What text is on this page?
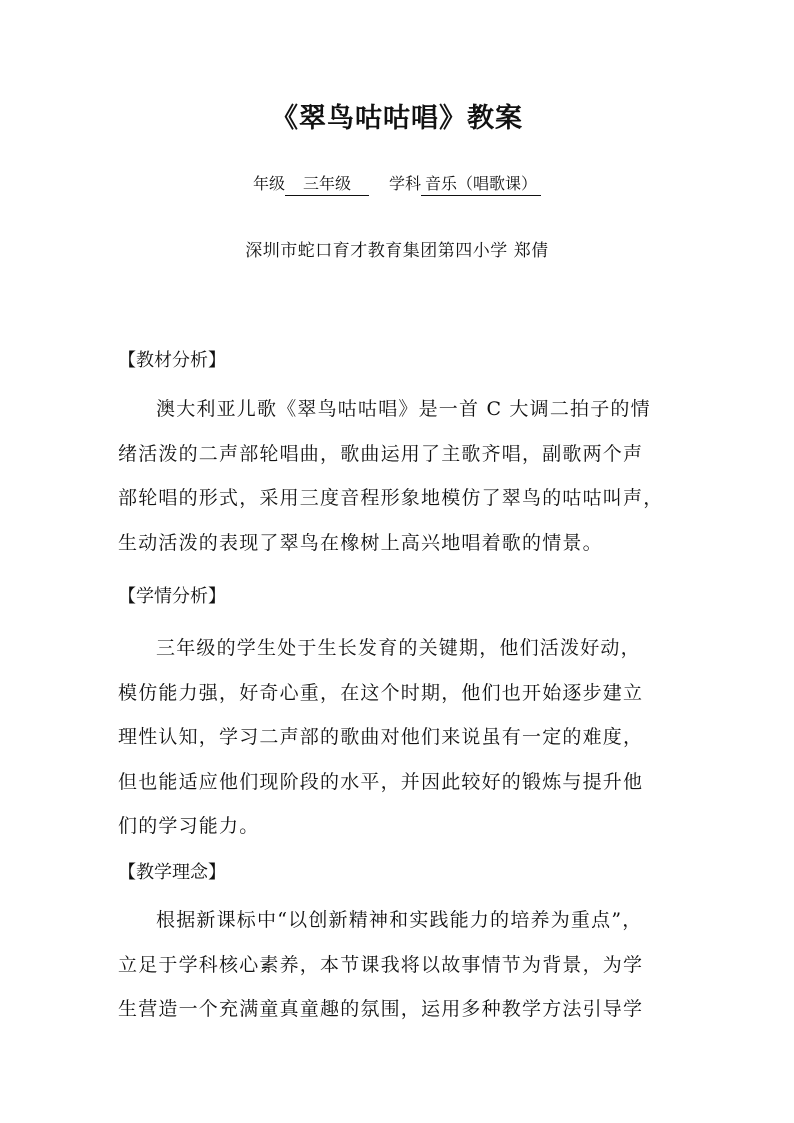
《翠鸟咕咕唱》教案
年级 三年级 学科 音乐（唱歌课）
深圳市蛇口育才教育集团第四小学 郑倩
【教材分析】
澳大利亚儿歌《翠鸟咕咕唱》是一首 C 大调二拍子的情
绪活泼的二声部轮唱曲，歌曲运用了主歌齐唱，副歌两个声
部轮唱的形式，采用三度音程形象地模仿了翠鸟的咕咕叫声，
生动活泼的表现了翠鸟在橡树上高兴地唱着歌的情景。
【学情分析】
三年级的学生处于生长发育的关键期，他们活泼好动，
模仿能力强，好奇心重，在这个时期，他们也开始逐步建立
理性认知，学习二声部的歌曲对他们来说虽有一定的难度，
但也能适应他们现阶段的水平，并因此较好的锻炼与提升他
们的学习能力。
【教学理念】
根据新课标中“以创新精神和实践能力的培养为重点”，
立足于学科核心素养，本节课我将以故事情节为背景，为学
生营造一个充满童真童趣的氛围，运用多种教学方法引导学
